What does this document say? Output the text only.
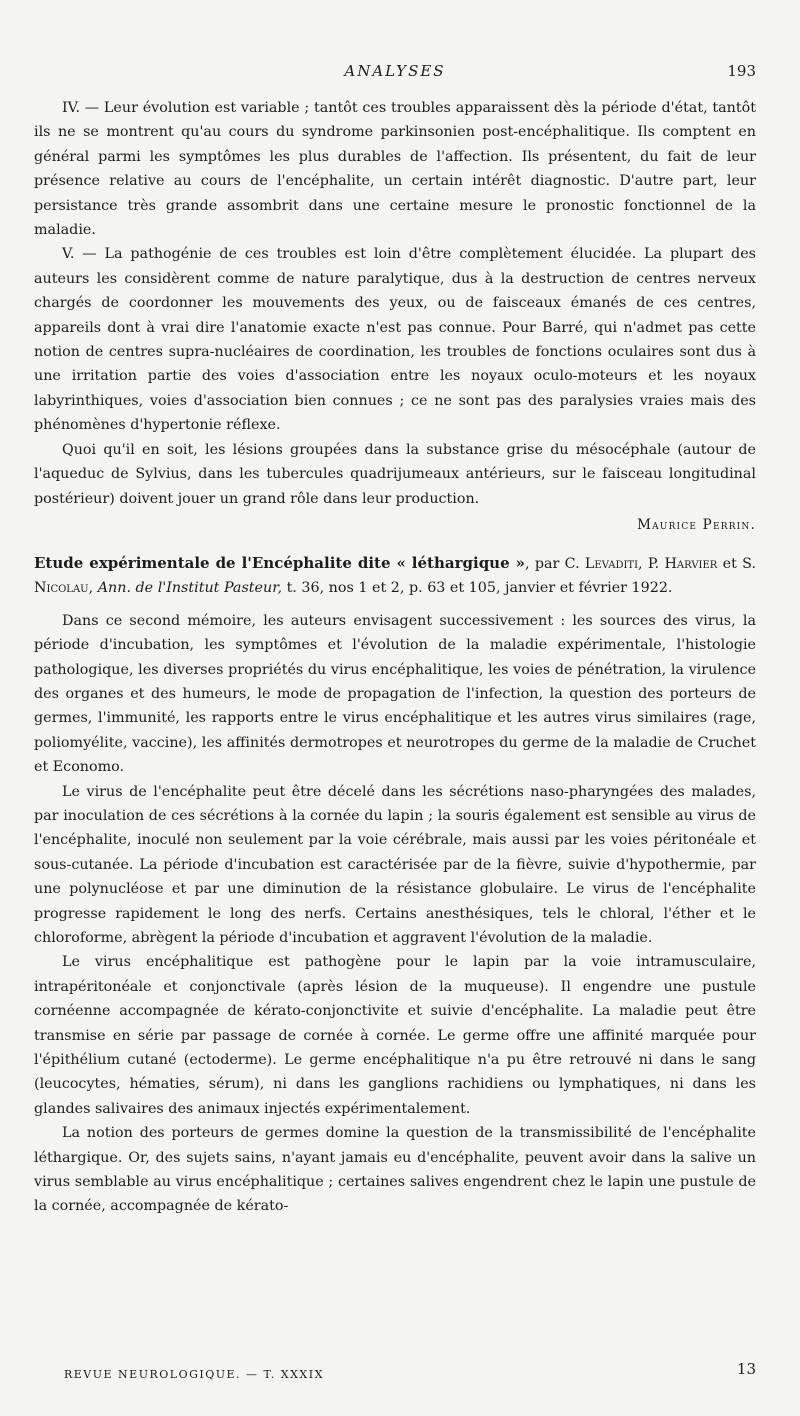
ANALYSES	193

IV. — Leur évolution est variable ; tantôt ces troubles apparaissent dès la période d'état, tantôt ils ne se montrent qu'au cours du syndrome parkinsonien post-encéphalitique. Ils comptent en général parmi les symptômes les plus durables de l'affection. Ils présentent, du fait de leur présence relative au cours de l'encéphalite, un certain intérêt diagnostic. D'autre part, leur persistance très grande assombrit dans une certaine mesure le pronostic fonctionnel de la maladie.

V. — La pathogénie de ces troubles est loin d'être complètement élucidée. La plupart des auteurs les considèrent comme de nature paralytique, dus à la destruction de centres nerveux chargés de coordonner les mouvements des yeux, ou de faisceaux émanés de ces centres, appareils dont à vrai dire l'anatomie exacte n'est pas connue. Pour Barré, qui n'admet pas cette notion de centres supra-nucléaires de coordination, les troubles de fonctions oculaires sont dus à une irritation partie des voies d'association entre les noyaux oculo-moteurs et les noyaux labyrinthiques, voies d'association bien connues ; ce ne sont pas des paralysies vraies mais des phénomènes d'hypertonie réflexe.

Quoi qu'il en soit, les lésions groupées dans la substance grise du mésocéphale (autour de l'aqueduc de Sylvius, dans les tubercules quadrijumeaux antérieurs, sur le faisceau longitudinal postérieur) doivent jouer un grand rôle dans leur production.

Maurice Perrin.
Etude expérimentale de l'Encéphalite dite « léthargique », par C. Levaditi, P. Harvier et S. Nicolau, Ann. de l'Institut Pasteur, t. 36, nos 1 et 2, p. 63 et 105, janvier et février 1922.

Dans ce second mémoire, les auteurs envisagent successivement : les sources des virus, la période d'incubation, les symptômes et l'évolution de la maladie expérimentale, l'histologie pathologique, les diverses propriétés du virus encéphalitique, les voies de pénétration, la virulence des organes et des humeurs, le mode de propagation de l'infection, la question des porteurs de germes, l'immunité, les rapports entre le virus encéphalitique et les autres virus similaires (rage, poliomyélite, vaccine), les affinités dermotropes et neurotropes du germe de la maladie de Cruchet et Economo.

Le virus de l'encéphalite peut être décelé dans les sécrétions naso-pharyngées des malades, par inoculation de ces sécrétions à la cornée du lapin ; la souris également est sensible au virus de l'encéphalite, inoculé non seulement par la voie cérébrale, mais aussi par les voies péritonéale et sous-cutanée. La période d'incubation est caractérisée par de la fièvre, suivie d'hypothermie, par une polynucléose et par une diminution de la résistance globulaire. Le virus de l'encéphalite progresse rapidement le long des nerfs. Certains anesthésiques, tels le chloral, l'éther et le chloroforme, abrègent la période d'incubation et aggravent l'évolution de la maladie.

Le virus encéphalitique est pathogène pour le lapin par la voie intramusculaire, intrapéritonéale et conjonctivale (après lésion de la muqueuse). Il engendre une pustule cornéenne accompagnée de kérato-conjonctivite et suivie d'encéphalite. La maladie peut être transmise en série par passage de cornée à cornée. Le germe offre une affinité marquée pour l'épithélium cutané (ectoderme). Le germe encéphalitique n'a pu être retrouvé ni dans le sang (leucocytes, hématies, sérum), ni dans les ganglions rachidiens ou lymphatiques, ni dans les glandes salivaires des animaux injectés expérimentalement.

La notion des porteurs de germes domine la question de la transmissibilité de l'encéphalite léthargique. Or, des sujets sains, n'ayant jamais eu d'encéphalite, peuvent avoir dans la salive un virus semblable au virus encéphalitique ; certaines salives engendrent chez le lapin une pustule de la cornée, accompagnée de kérato-

REVUE NEUROLOGIQUE. — T. XXXIX	13
